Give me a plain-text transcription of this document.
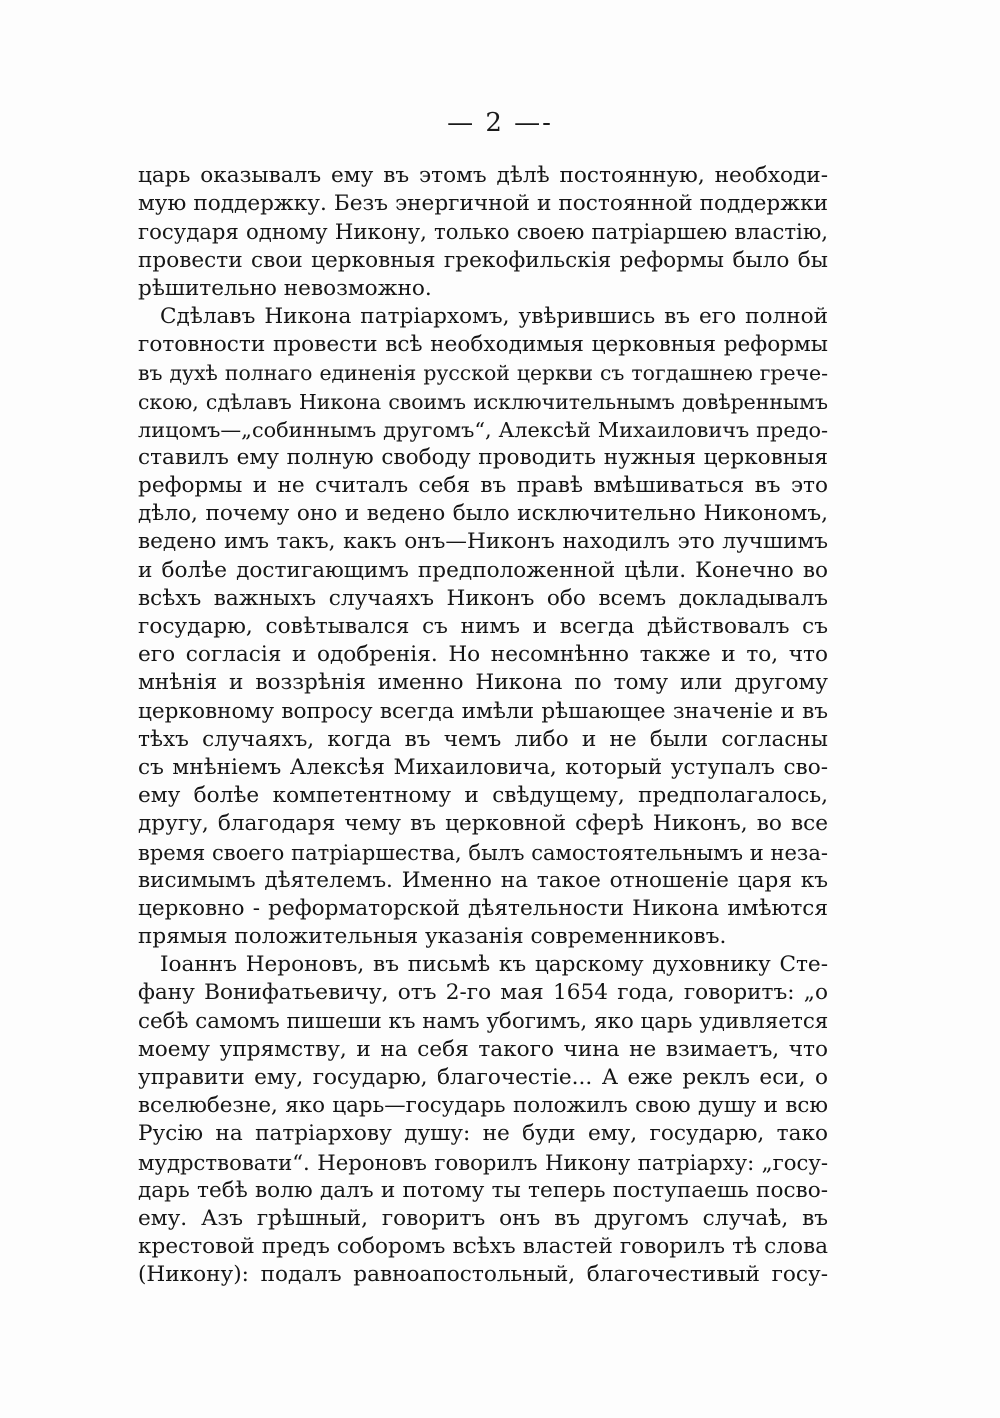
— 2 —-
царь оказывалъ ему въ этомъ дѣлѣ постоянную, необходи-
мую поддержку. Безъ энергичной и постоянной поддержки
государя одному Никону, только своею патріаршею властію,
провести свои церковныя грекофильскія реформы было бы
рѣшительно невозможно.
Сдѣлавъ Никона патріархомъ, увѣрившись въ его полной
готовности провести всѣ необходимыя церковныя реформы
въ духѣ полнаго единенія русской церкви съ тогдашнею грече-
скою, сдѣлавъ Никона своимъ исключительнымъ довѣреннымъ
лицомъ—„собиннымъ другомъ“, Алексѣй Михаиловичъ предо-
ставилъ ему полную свободу проводить нужныя церковныя
реформы и не считалъ себя въ правѣ вмѣшиваться въ это
дѣло, почему оно и ведено было исключительно Никономъ,
ведено имъ такъ, какъ онъ—Никонъ находилъ это лучшимъ
и болѣе достигающимъ предположенной цѣли. Конечно во
всѣхъ важныхъ случаяхъ Никонъ обо всемъ докладывалъ
государю, совѣтывался съ нимъ и всегда дѣйствовалъ съ
его согласія и одобренія. Но несомнѣнно также и то, что
мнѣнія и воззрѣнія именно Никона по тому или другому
церковному вопросу всегда имѣли рѣшающее значеніе и въ
тѣхъ случаяхъ, когда въ чемъ либо и не были согласны
съ мнѣніемъ Алексѣя Михаиловича, который уступалъ сво-
ему болѣе компетентному и свѣдущему, предполагалось,
другу, благодаря чему въ церковной сферѣ Никонъ, во все
время своего патріаршества, былъ самостоятельнымъ и неза-
висимымъ дѣятелемъ. Именно на такое отношеніе царя къ
церковно - реформаторской дѣятельности Никона имѣются
прямыя положительныя указанія современниковъ.
Іоаннъ Нероновъ, въ письмѣ къ царскому духовнику Сте-
фану Вонифатьевичу, отъ 2-го мая 1654 года, говоритъ: „о
себѣ самомъ пишеши къ намъ убогимъ, яко царь удивляется
моему упрямству, и на себя такого чина не взимаетъ, что
управити ему, государю, благочестіе... А еже реклъ еси, о
вселюбезне, яко царь—государь положилъ свою душу и всю
Русію на патріархову душу: не буди ему, государю, тако
мудрствовати“. Нероновъ говорилъ Никону патріарху: „госу-
дарь тебѣ волю далъ и потому ты теперь поступаешь посво-
ему. Азъ грѣшный, говоритъ онъ въ другомъ случаѣ, въ
крестовой предъ соборомъ всѣхъ властей говорилъ тѣ слова
(Никону): подалъ равноапостольный, благочестивый госу-
